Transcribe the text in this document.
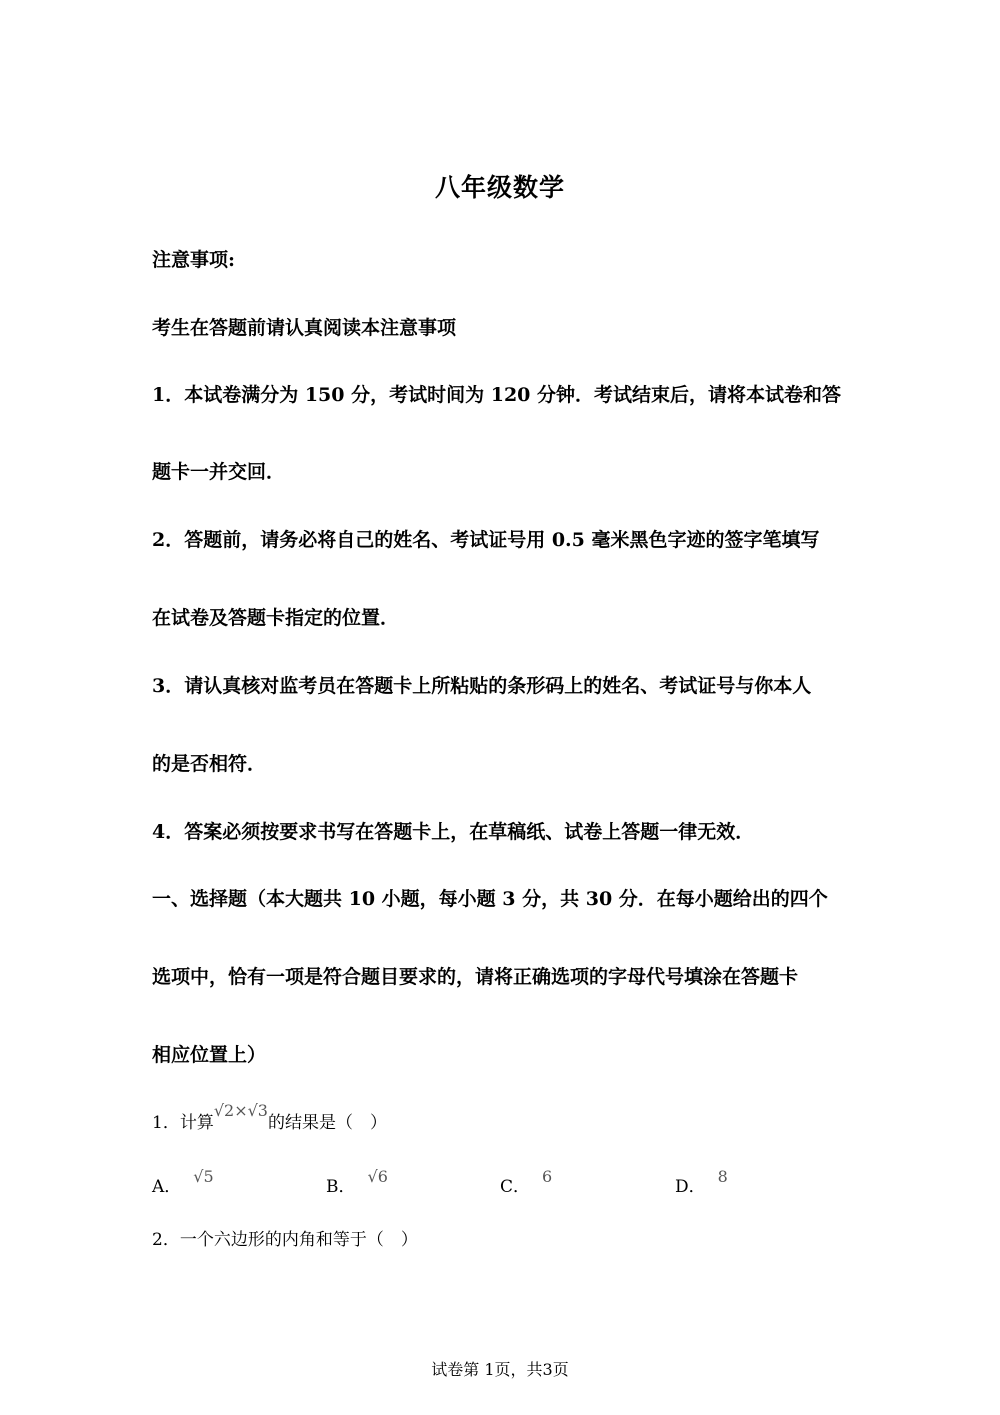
八年级数学
注意事项:
考生在答题前请认真阅读本注意事项
1．本试卷满分为 150 分，考试时间为 120 分钟．考试结束后，请将本试卷和答
题卡一并交回．
2．答题前，请务必将自己的姓名、考试证号用 0.5 毫米黑色字迹的签字笔填写
在试卷及答题卡指定的位置．
3．请认真核对监考员在答题卡上所粘贴的条形码上的姓名、考试证号与你本人
的是否相符．
4．答案必须按要求书写在答题卡上，在草稿纸、试卷上答题一律无效．
一、选择题（本大题共 10 小题，每小题 3 分，共 30 分．在每小题给出的四个
选项中，恰有一项是符合题目要求的，请将正确选项的字母代号填涂在答题卡
相应位置上）
1．计算√2×√3的结果是（　）
A．√5
B．√6
C．6
D．8
2．一个六边形的内角和等于（　）
试卷第 1页，共3页
